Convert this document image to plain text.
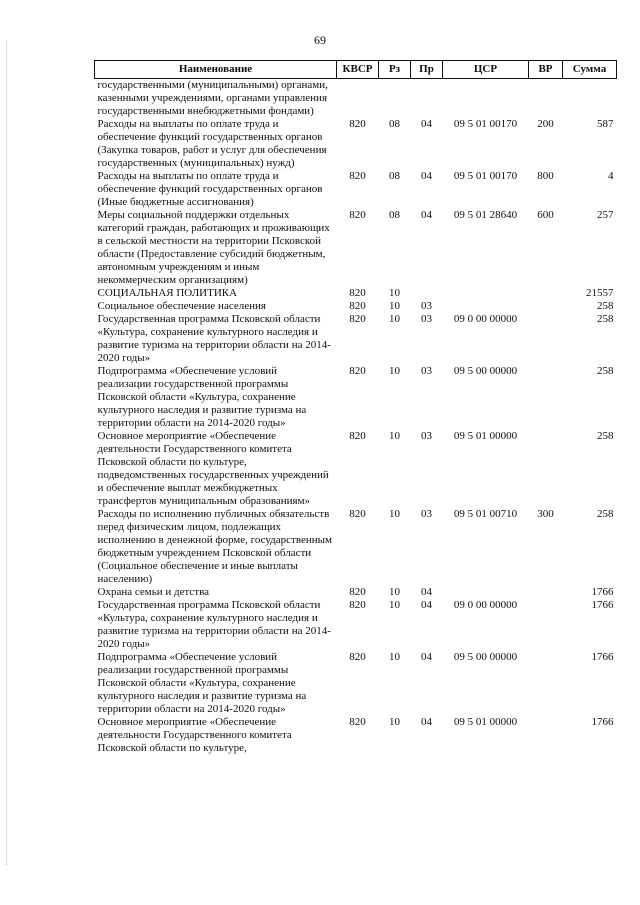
69
Наименование	КВСР	Рз	Пр	ЦСР	ВР	Сумма
государственными (муниципальными) органами, казенными учреждениями, органами управления государственными внебюджетными фондами)						
Расходы на выплаты по оплате труда и обеспечение функций государственных органов (Закупка товаров, работ и услуг для обеспечения государственных (муниципальных) нужд)	820	08	04	09 5 01 00170	200	587
Расходы на выплаты по оплате труда и обеспечение функций государственных органов (Иные бюджетные ассигнования)	820	08	04	09 5 01 00170	800	4
Меры социальной поддержки отдельных категорий граждан, работающих и проживающих в сельской местности на территории Псковской области (Предоставление субсидий бюджетным, автономным учреждениям и иным некоммерческим организациям)	820	08	04	09 5 01 28640	600	257
СОЦИАЛЬНАЯ ПОЛИТИКА	820	10				21557
Социальное обеспечение населения	820	10	03			258
Государственная программа Псковской области «Культура, сохранение культурного наследия и развитие туризма на территории области на 2014-2020 годы»	820	10	03	09 0 00 00000		258
Подпрограмма «Обеспечение условий реализации государственной программы Псковской области «Культура, сохранение культурного наследия и развитие туризма на территории области на 2014-2020 годы»	820	10	03	09 5 00 00000		258
Основное мероприятие «Обеспечение деятельности Государственного комитета Псковской области по культуре, подведомственных государственных учреждений и обеспечение выплат межбюджетных трансфертов муниципальным образованиям»	820	10	03	09 5 01 00000		258
Расходы по исполнению публичных обязательств перед физическим лицом, подлежащих исполнению в денежной форме, государственным бюджетным учреждением Псковской области (Социальное обеспечение и иные выплаты населению)	820	10	03	09 5 01 00710	300	258
Охрана семьи и детства	820	10	04			1766
Государственная программа Псковской области «Культура, сохранение культурного наследия и развитие туризма на территории области на 2014-2020 годы»	820	10	04	09 0 00 00000		1766
Подпрограмма «Обеспечение условий реализации государственной программы Псковской области «Культура, сохранение культурного наследия и развитие туризма на территории области на 2014-2020 годы»	820	10	04	09 5 00 00000		1766
Основное мероприятие «Обеспечение деятельности Государственного комитета Псковской области по культуре,	820	10	04	09 5 01 00000		1766
